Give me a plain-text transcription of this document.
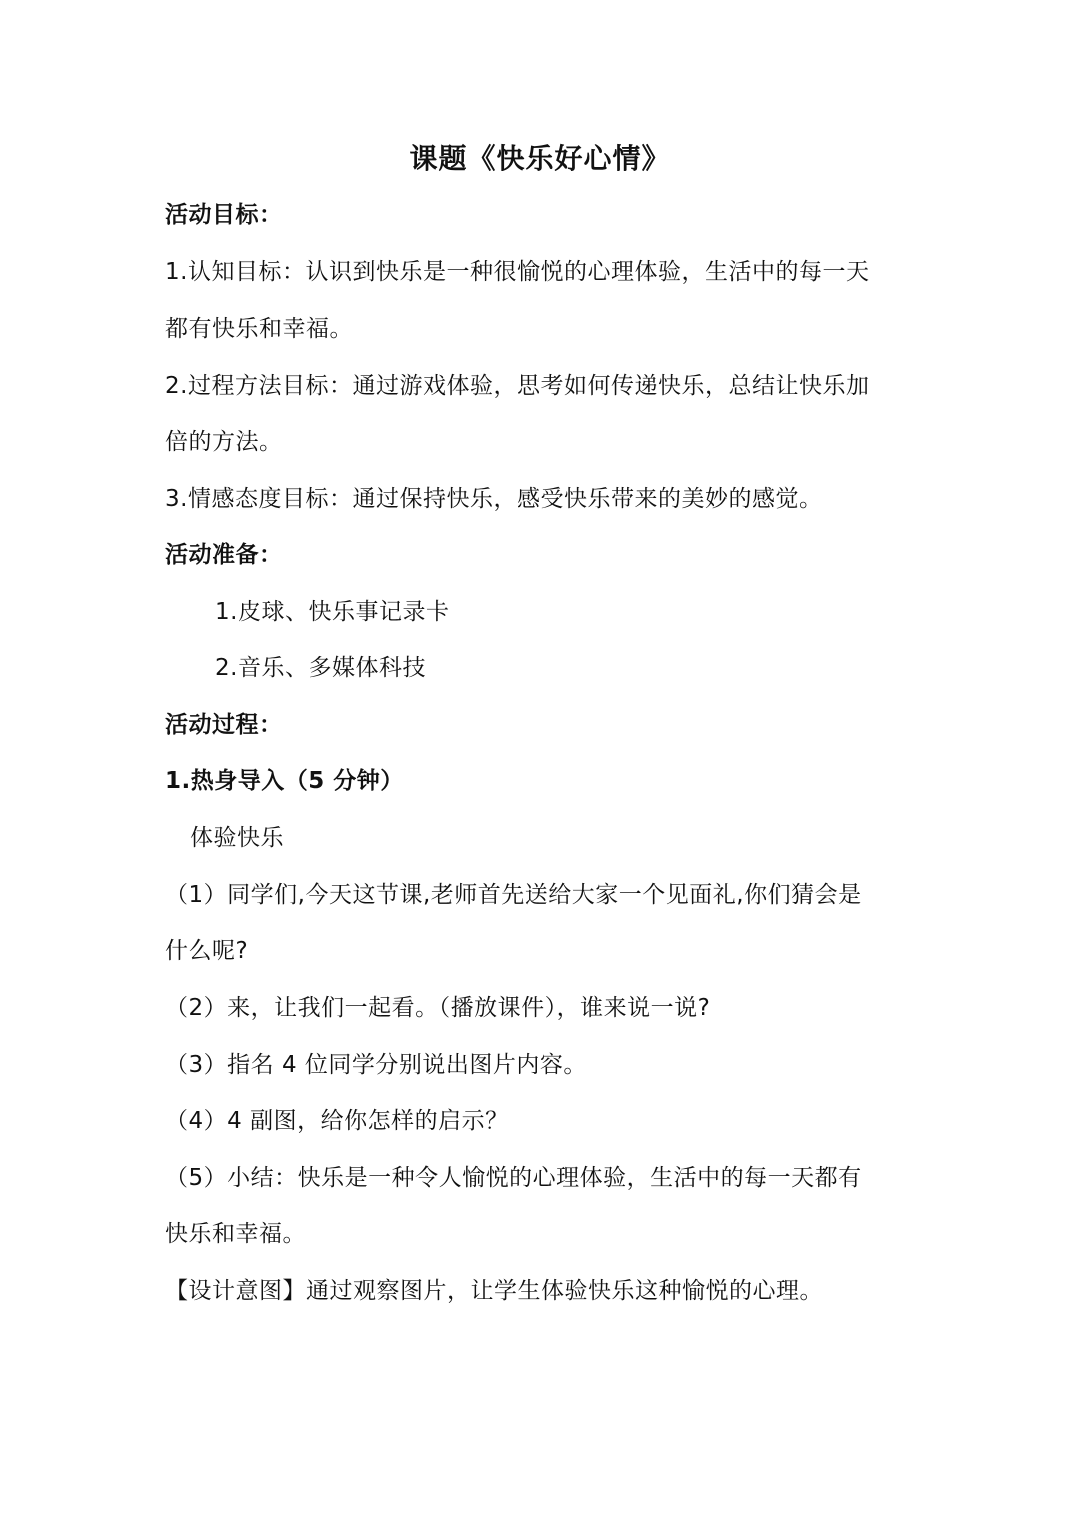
课题《快乐好心情》
活动目标：
1.认知目标：认识到快乐是一种很愉悦的心理体验，生活中的每一天
都有快乐和幸福。
2.过程方法目标：通过游戏体验，思考如何传递快乐，总结让快乐加
倍的方法。
3.情感态度目标：通过保持快乐，感受快乐带来的美妙的感觉。
活动准备：
1.皮球、快乐事记录卡
2.音乐、多媒体科技
活动过程：
1.热身导入（5 分钟）
体验快乐
（1）同学们,今天这节课,老师首先送给大家一个见面礼,你们猜会是
什么呢?
（2）来，让我们一起看。（播放课件），谁来说一说?
（3）指名 4 位同学分别说出图片内容。
（4）4 副图，给你怎样的启示？
（5）小结：快乐是一种令人愉悦的心理体验，生活中的每一天都有
快乐和幸福。
【设计意图】通过观察图片，让学生体验快乐这种愉悦的心理。
